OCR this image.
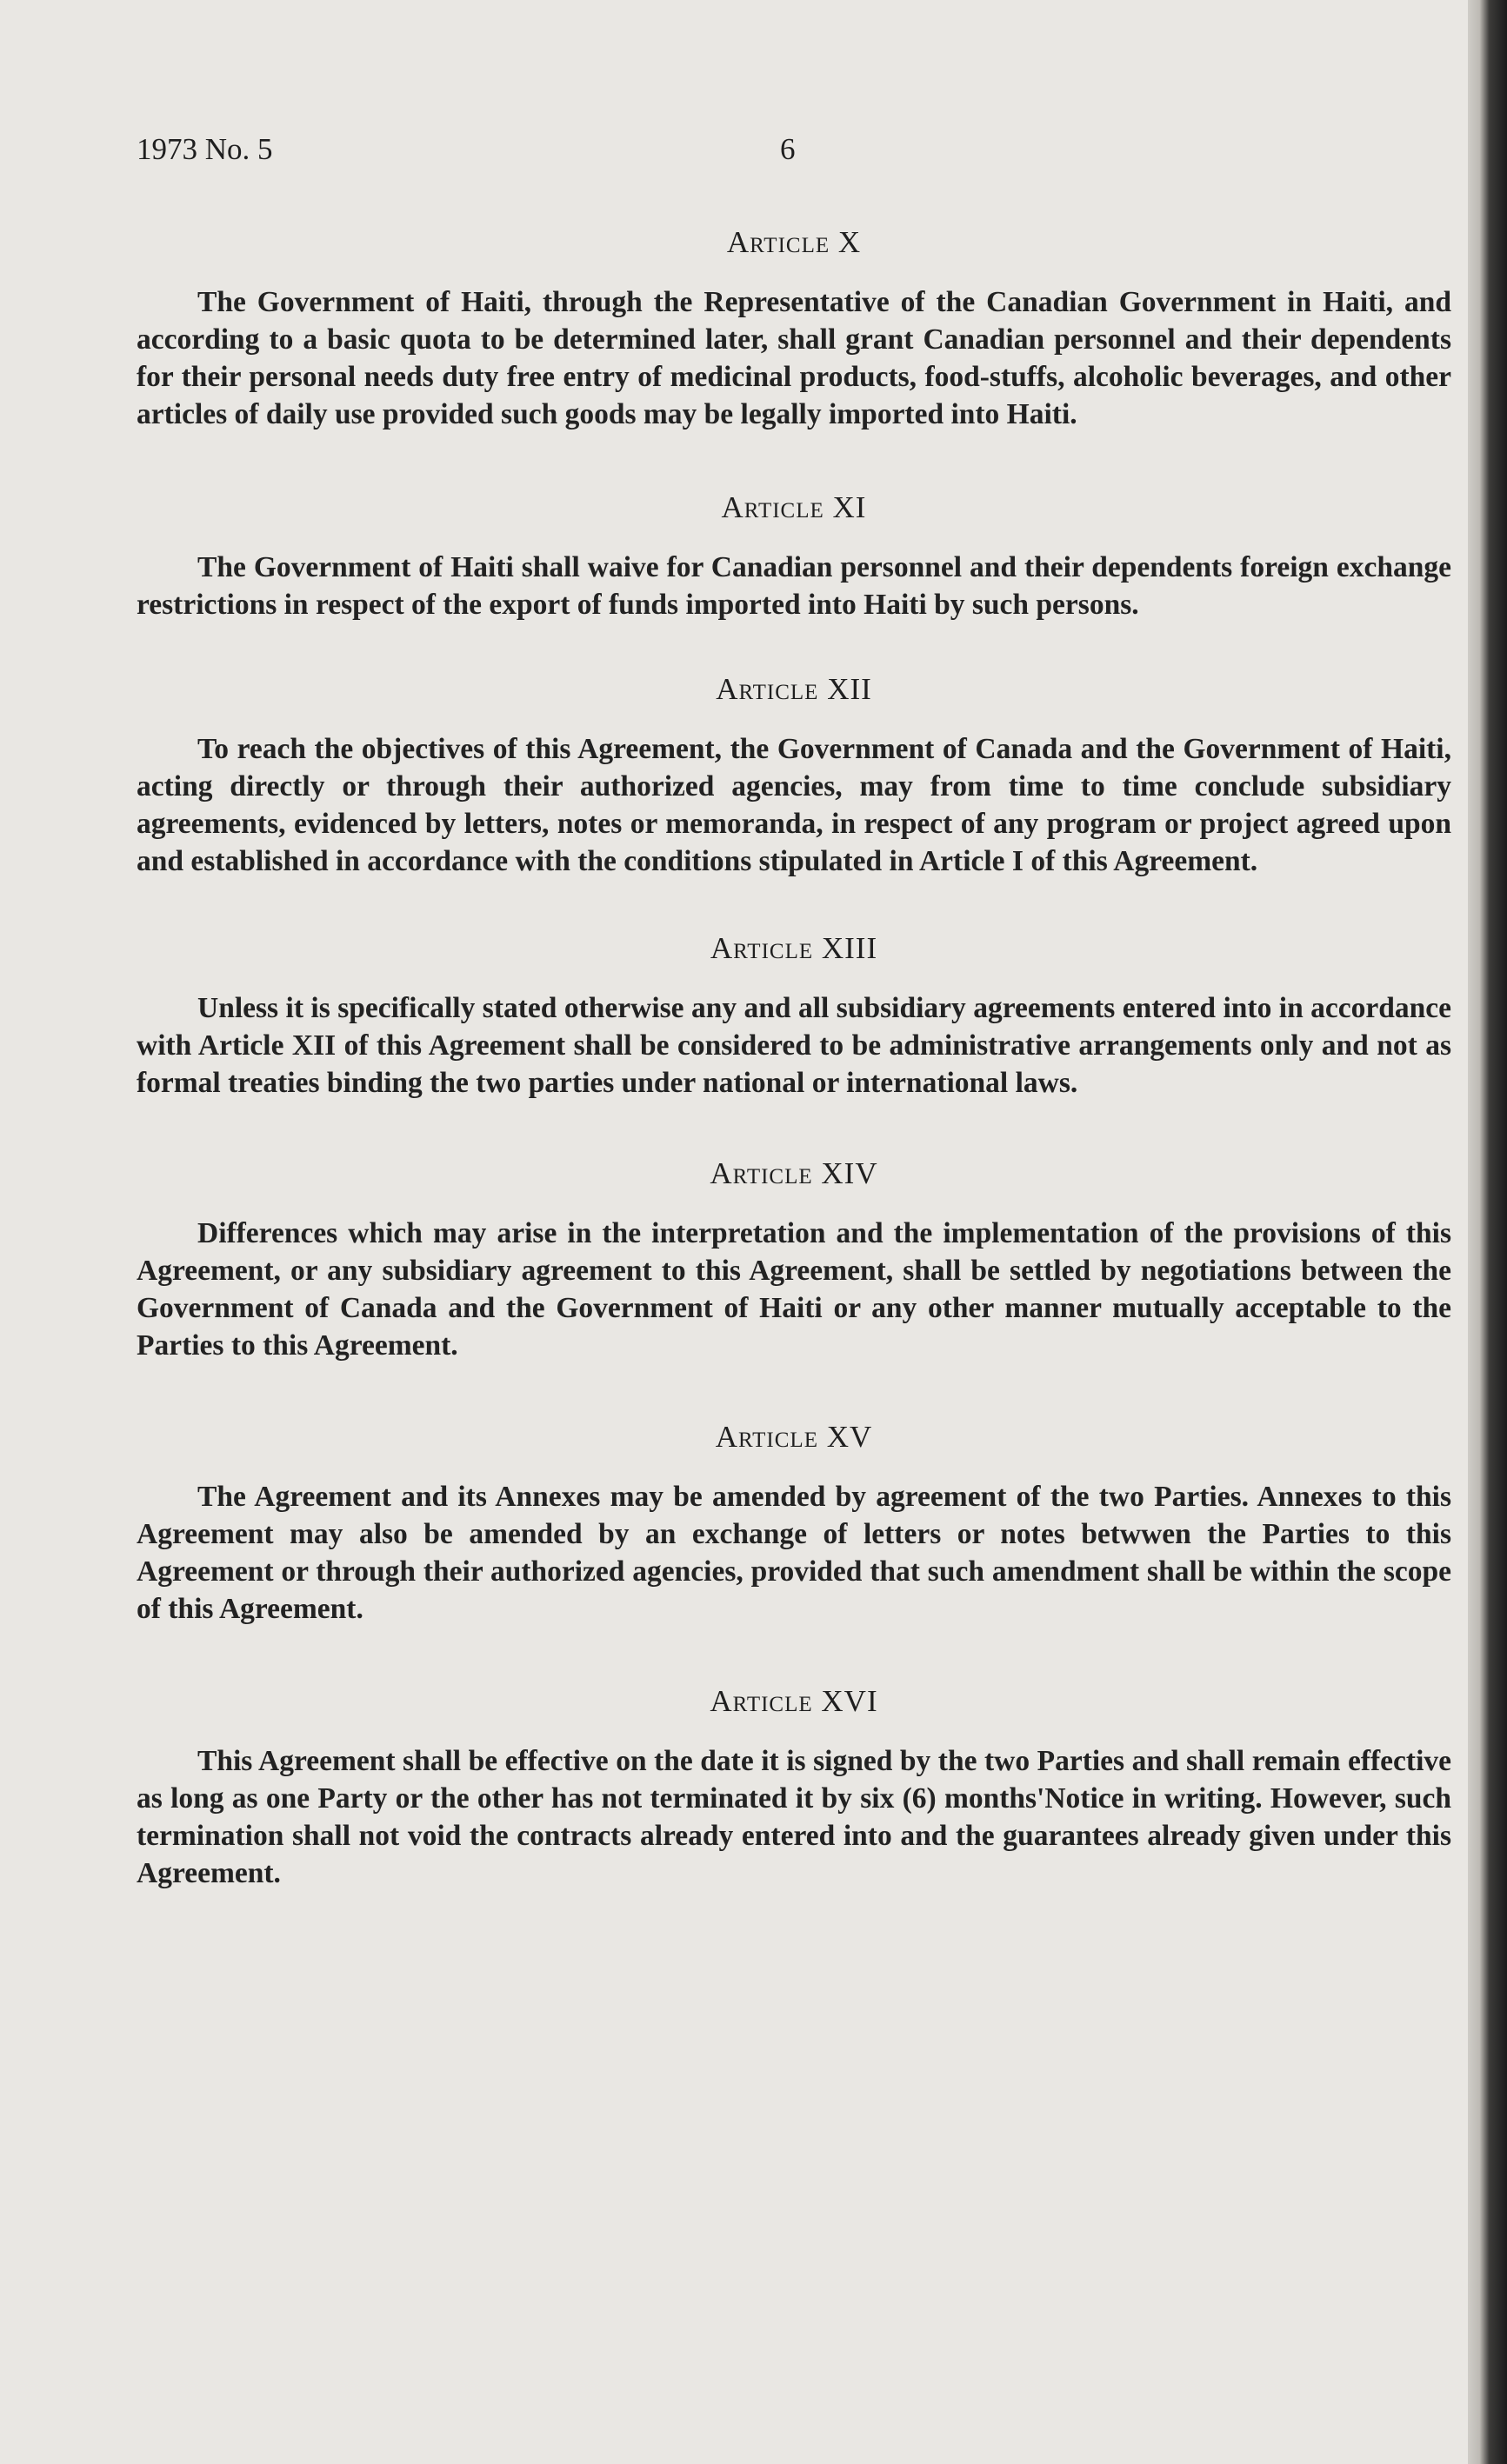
1973 No. 5	6
Article X

The Government of Haiti, through the Representative of the Canadian Government in Haiti, and according to a basic quota to be determined later, shall grant Canadian personnel and their dependents for their personal needs duty free entry of medicinal products, food-stuffs, alcoholic beverages, and other articles of daily use provided such goods may be legally imported into Haiti.

Article XI

The Government of Haiti shall waive for Canadian personnel and their dependents foreign exchange restrictions in respect of the export of funds imported into Haiti by such persons.

Article XII

To reach the objectives of this Agreement, the Government of Canada and the Government of Haiti, acting directly or through their authorized agencies, may from time to time conclude subsidiary agreements, evidenced by letters, notes or memoranda, in respect of any program or project agreed upon and established in accordance with the conditions stipulated in Article I of this Agreement.

Article XIII

Unless it is specifically stated otherwise any and all subsidiary agreements entered into in accordance with Article XII of this Agreement shall be considered to be administrative arrangements only and not as formal treaties binding the two parties under national or international laws.

Article XIV

Differences which may arise in the interpretation and the implementation of the provisions of this Agreement, or any subsidiary agreement to this Agreement, shall be settled by negotiations between the Government of Canada and the Government of Haiti or any other manner mutually acceptable to the Parties to this Agreement.

Article XV

The Agreement and its Annexes may be amended by agreement of the two Parties. Annexes to this Agreement may also be amended by an exchange of letters or notes betwwen the Parties to this Agreement or through their authorized agencies, provided that such amendment shall be within the scope of this Agreement.

Article XVI

This Agreement shall be effective on the date it is signed by the two Parties and shall remain effective as long as one Party or the other has not terminated it by six (6) months'Notice in writing. However, such termination shall not void the contracts already entered into and the guarantees already given under this Agreement.
